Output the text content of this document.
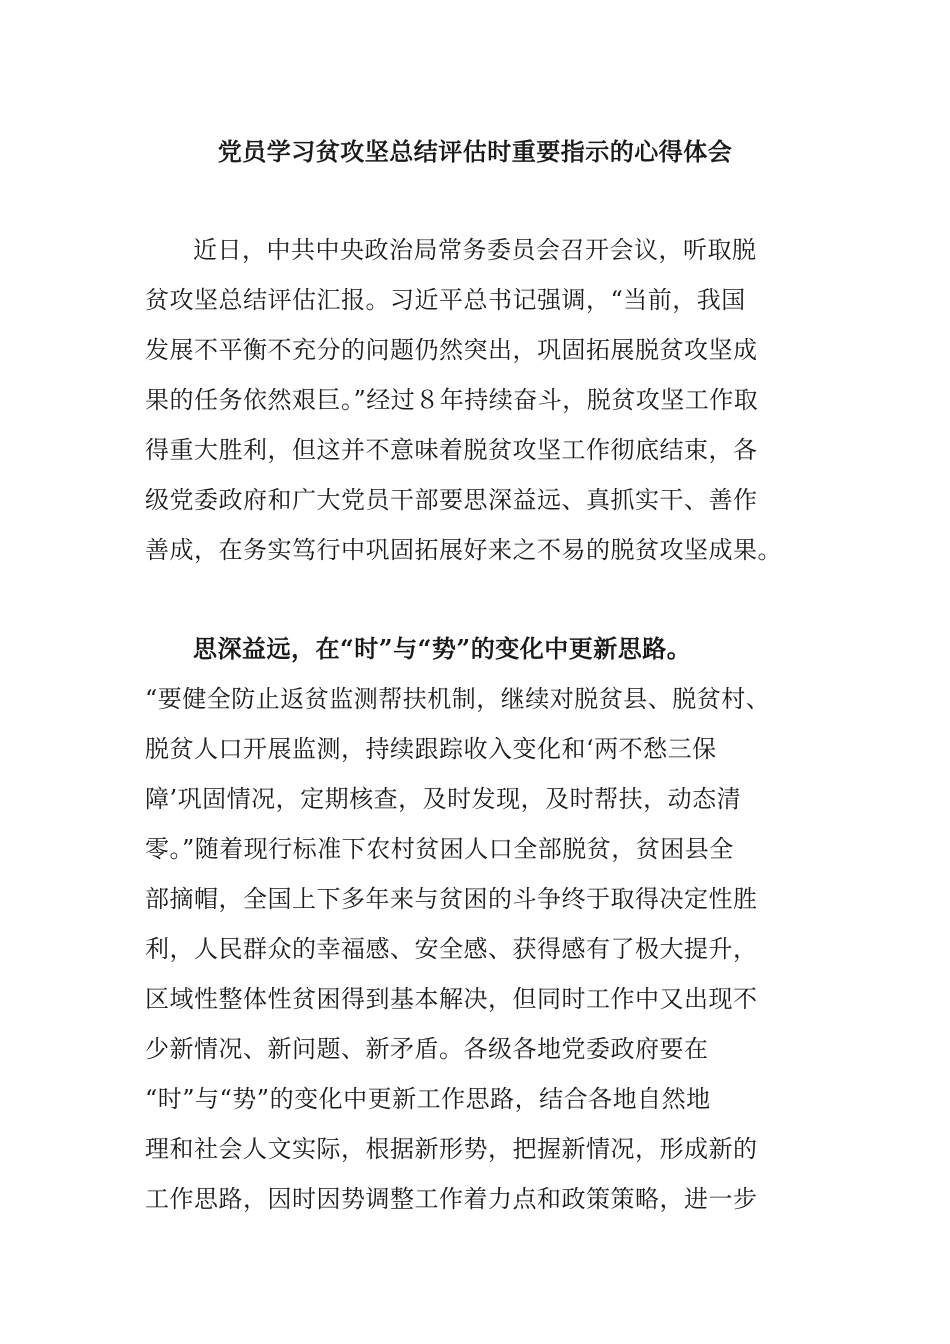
党员学习贫攻坚总结评估时重要指示的心得体会
近日，中共中央政治局常务委员会召开会议，听取脱
贫攻坚总结评估汇报。习近平总书记强调，“当前，我国
发展不平衡不充分的问题仍然突出，巩固拓展脱贫攻坚成
果的任务依然艰巨。”经过８年持续奋斗，脱贫攻坚工作取
得重大胜利，但这并不意味着脱贫攻坚工作彻底结束，各
级党委政府和广大党员干部要思深益远、真抓实干、善作
善成，在务实笃行中巩固拓展好来之不易的脱贫攻坚成果。
思深益远，在“时”与“势”的变化中更新思路。
“要健全防止返贫监测帮扶机制，继续对脱贫县、脱贫村、
脱贫人口开展监测，持续跟踪收入变化和‘两不愁三保
障’巩固情况，定期核查，及时发现，及时帮扶，动态清
零。”随着现行标准下农村贫困人口全部脱贫，贫困县全
部摘帽，全国上下多年来与贫困的斗争终于取得决定性胜
利，人民群众的幸福感、安全感、获得感有了极大提升，
区域性整体性贫困得到基本解决，但同时工作中又出现不
少新情况、新问题、新矛盾。各级各地党委政府要在
“时”与“势”的变化中更新工作思路，结合各地自然地
理和社会人文实际，根据新形势，把握新情况，形成新的
工作思路，因时因势调整工作着力点和政策策略，进一步
